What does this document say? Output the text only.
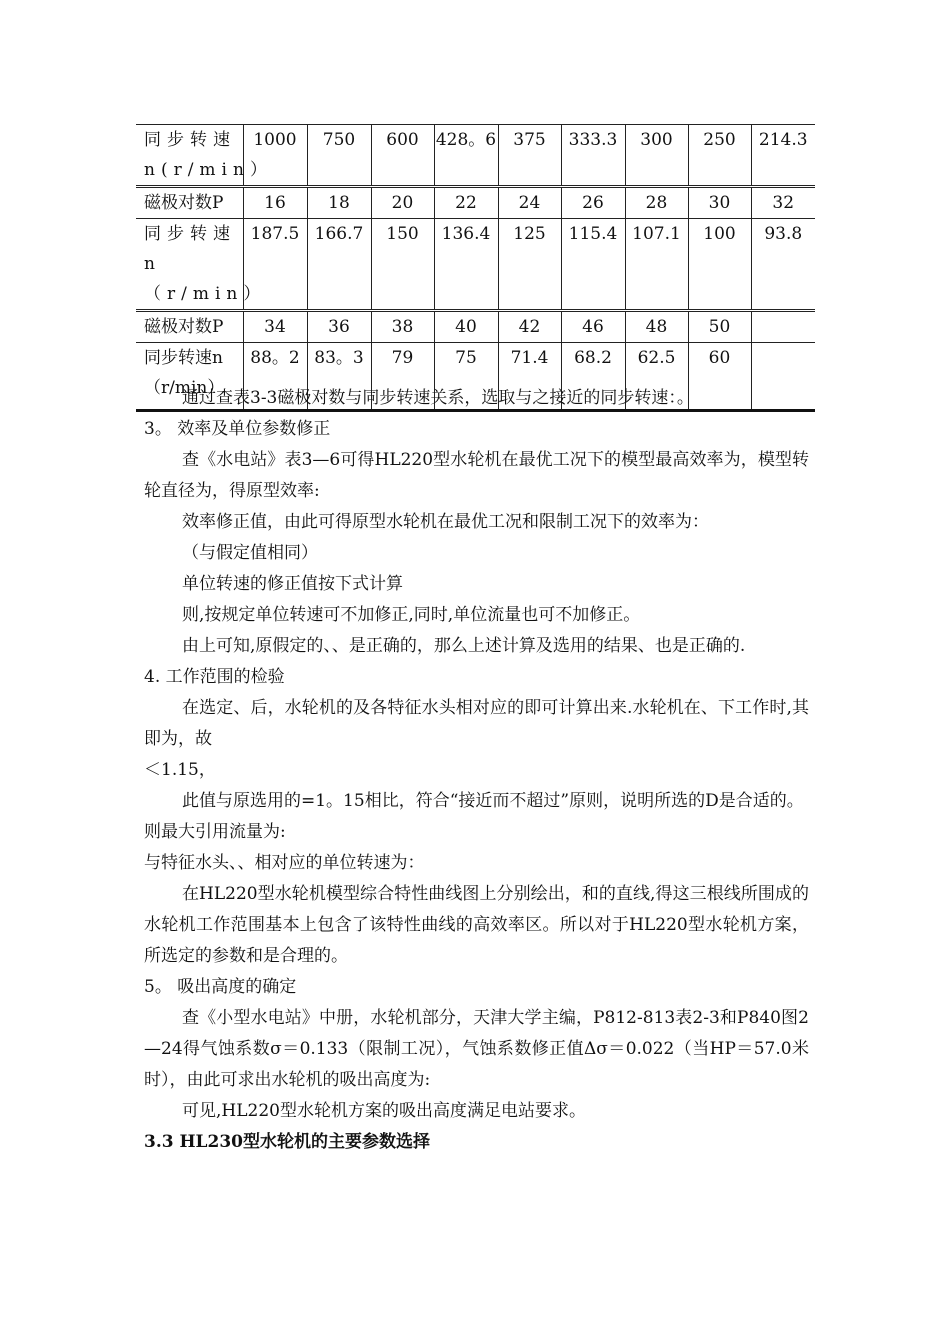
同步转速n(r/min）	1000	750	600	428。6	375	333.3	300	250	214.3
磁极对数P	16	18	20	22	24	26	28	30	32
同步转速n（r/min）	187.5	166.7	150	136.4	125	115.4	107.1	100	93.8
磁极对数P	34	36	38	40	42	46	48	50	
同步转速n（r/min）	88。2	83。3	79	75	71.4	68.2	62.5	60	

通过查表3-3磁极对数与同步转速关系，选取与之接近的同步转速：。

3。 效率及单位参数修正

查《水电站》表3—6可得HL220型水轮机在最优工况下的模型最高效率为，模型转轮直径为，得原型效率:

效率修正值，由此可得原型水轮机在最优工况和限制工况下的效率为：

（与假定值相同）

单位转速的修正值按下式计算

则,按规定单位转速可不加修正,同时,单位流量也可不加修正。

由上可知,原假定的、、是正确的，那么上述计算及选用的结果、也是正确的.

4. 工作范围的检验

在选定、后，水轮机的及各特征水头相对应的即可计算出来.水轮机在、下工作时,其即为，故

＜1.15，

此值与原选用的=1。15相比，符合“接近而不超过”原则，说明所选的D是合适的。

则最大引用流量为:

与特征水头、、相对应的单位转速为：

在HL220型水轮机模型综合特性曲线图上分别绘出，和的直线,得这三根线所围成的水轮机工作范围基本上包含了该特性曲线的高效率区。所以对于HL220型水轮机方案，所选定的参数和是合理的。

5。 吸出高度的确定

查《小型水电站》中册，水轮机部分，天津大学主编，P812-813表2-3和P840图2—24得气蚀系数σ＝0.133（限制工况），气蚀系数修正值Δσ＝0.022（当HP＝57.0米时），由此可求出水轮机的吸出高度为:

可见,HL220型水轮机方案的吸出高度满足电站要求。

3.3 HL230型水轮机的主要参数选择
